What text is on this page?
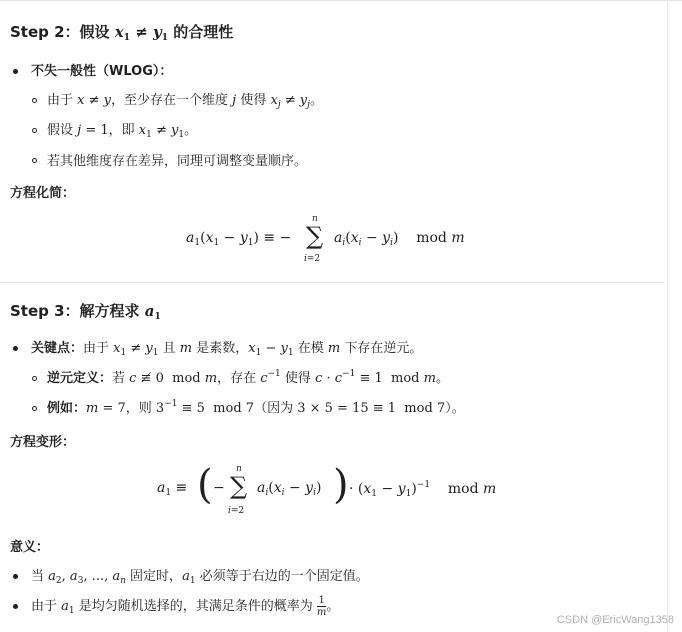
Step 2：假设 $x_1 \ne y_1$ 的合理性
不失一般性（WLOG）：
由于 x ≠ y，至少存在一个维度 j 使得 $x_j \ne y_j$。
假设 j = 1，即 $x_1 \ne y_1$。
若其他维度存在差异，同理可调整变量顺序。
方程化简：
$a_1(x_1 - y_1)$ ≡ −
n
∑
i=2
$a_i(x_i - y_i)$    mod m
Step 3：解方程求 $a_1$
关键点：由于 $x_1 \ne y_1$ 且 m 是素数，$x_1 - y_1$ 在模 m 下存在逆元。
逆元定义：若 c ≢ 0  mod m，存在 $c^{-1}$ 使得 $c \cdot c^{-1} \equiv 1$  mod m。
例如：m = 7，则 $3^{-1} \equiv 5$  mod 7（因为 3 × 5 = 15 ≡ 1  mod 7）。
方程变形：
$a_1$ ≡ ( −
n
∑
i=2
$a_i(x_i - y_i)$ ) · $(x_1 - y_1)^{-1}$    mod m
意义：
当 $a_2$, $a_3$, ..., $a_n$ 固定时，$a_1$ 必须等于右边的一个固定值。
由于 $a_1$ 是均匀随机选择的，其满足条件的概率为 $\frac{1}{m}$ 。
CSDN @EricWang1358
